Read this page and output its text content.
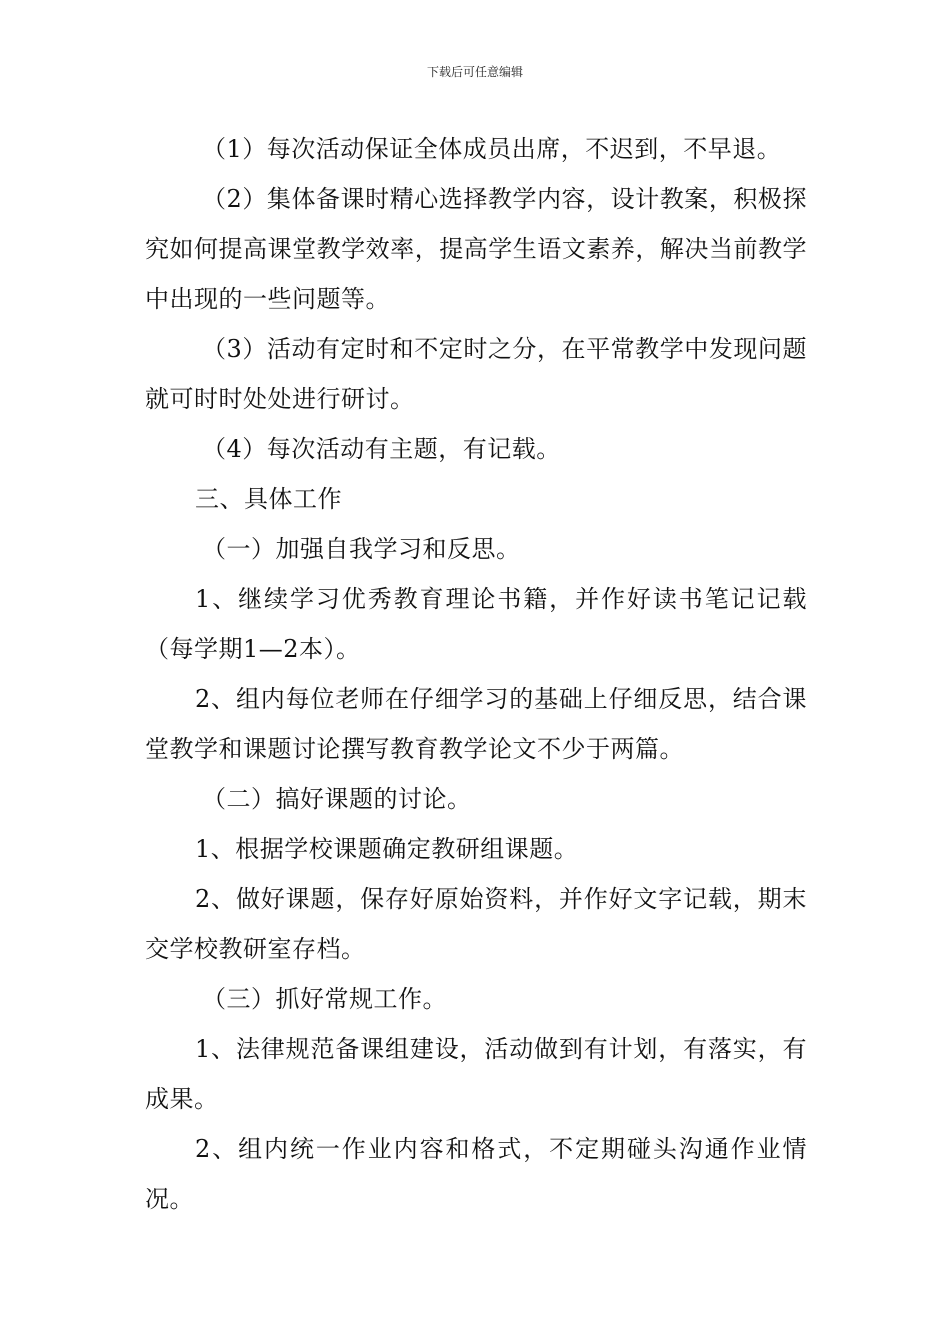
下载后可任意编辑

（1）每次活动保证全体成员出席，不迟到，不早退。

（2）集体备课时精心选择教学内容，设计教案，积极探究如何提高课堂教学效率，提高学生语文素养，解决当前教学中出现的一些问题等。

（3）活动有定时和不定时之分，在平常教学中发现问题就可时时处处进行研讨。

（4）每次活动有主题，有记载。

三、具体工作

（一）加强自我学习和反思。

1、继续学习优秀教育理论书籍，并作好读书笔记记载（每学期1—2本）。

2、组内每位老师在仔细学习的基础上仔细反思，结合课堂教学和课题讨论撰写教育教学论文不少于两篇。

（二）搞好课题的讨论。

1、根据学校课题确定教研组课题。

2、做好课题，保存好原始资料，并作好文字记载，期末交学校教研室存档。

（三）抓好常规工作。

1、法律规范备课组建设，活动做到有计划，有落实，有成果。

2、组内统一作业内容和格式，不定期碰头沟通作业情况。
